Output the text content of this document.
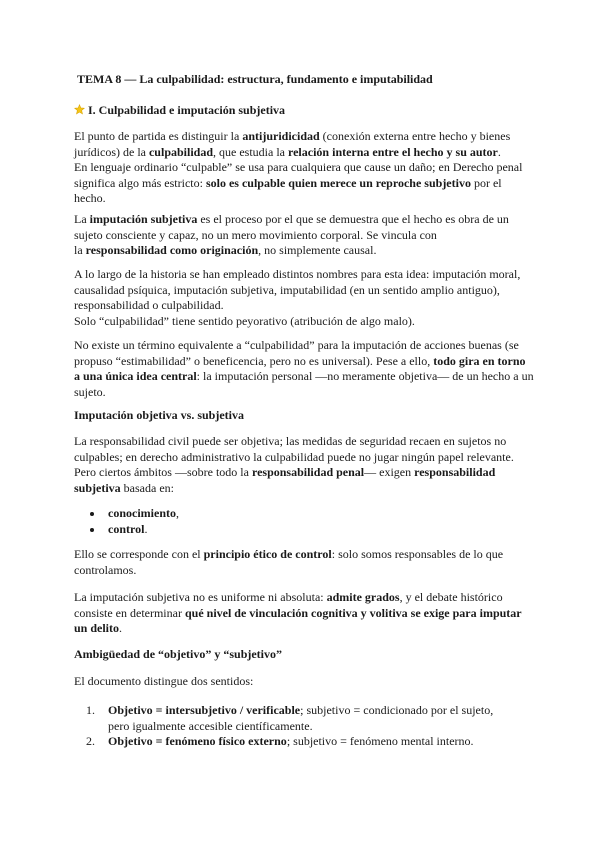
TEMA 8 — La culpabilidad: estructura, fundamento e imputabilidad
I. Culpabilidad e imputación subjetiva

El punto de partida es distinguir la antijuridicidad (conexión externa entre hecho y bienes jurídicos) de la culpabilidad, que estudia la relación interna entre el hecho y su autor.

En lenguaje ordinario “culpable” se usa para cualquiera que cause un daño; en Derecho penal significa algo más estricto: solo es culpable quien merece un reproche subjetivo por el hecho.

La imputación subjetiva es el proceso por el que se demuestra que el hecho es obra de un sujeto consciente y capaz, no un mero movimiento corporal. Se vincula con

la responsabilidad como originación, no simplemente causal.

A lo largo de la historia se han empleado distintos nombres para esta idea: imputación moral, causalidad psíquica, imputación subjetiva, imputabilidad (en un sentido amplio antiguo), responsabilidad o culpabilidad.

Solo “culpabilidad” tiene sentido peyorativo (atribución de algo malo).

No existe un término equivalente a “culpabilidad” para la imputación de acciones buenas (se propuso “estimabilidad” o beneficencia, pero no es universal). Pese a ello, todo gira en torno a una única idea central: la imputación personal —no meramente objetiva— de un hecho a un sujeto.

Imputación objetiva vs. subjetiva

La responsabilidad civil puede ser objetiva; las medidas de seguridad recaen en sujetos no culpables; en derecho administrativo la culpabilidad puede no jugar ningún papel relevante. Pero ciertos ámbitos —sobre todo la responsabilidad penal— exigen responsabilidad subjetiva basada en:

conocimiento,
control.

Ello se corresponde con el principio ético de control: solo somos responsables de lo que controlamos.

La imputación subjetiva no es uniforme ni absoluta: admite grados, y el debate histórico consiste en determinar qué nivel de vinculación cognitiva y volitiva se exige para imputar un delito.

Ambigüedad de “objetivo” y “subjetivo”
El documento distingue dos sentidos:
1. Objetivo = intersubjetivo / verificable; subjetivo = condicionado por el sujeto, pero igualmente accesible científicamente.
2. Objetivo = fenómeno físico externo; subjetivo = fenómeno mental interno.
